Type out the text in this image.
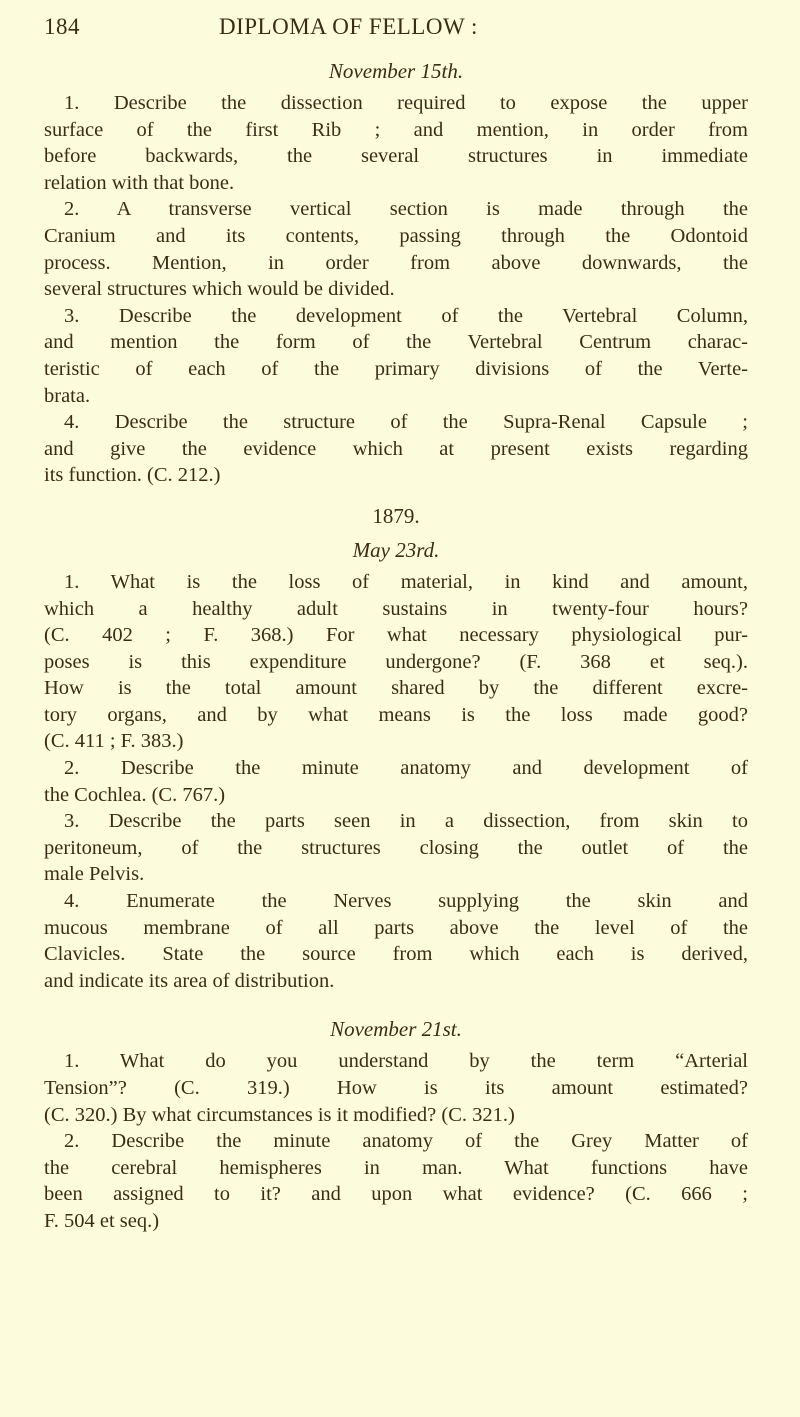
184	DIPLOMA OF FELLOW :
November 15th.
1. Describe the dissection required to expose the upper
surface of the first Rib ; and mention, in order from
before backwards, the several structures in immediate
relation with that bone.
2. A transverse vertical section is made through the
Cranium and its contents, passing through the Odontoid
process. Mention, in order from above downwards, the
several structures which would be divided.
3. Describe the development of the Vertebral Column,
and mention the form of the Vertebral Centrum charac-
teristic of each of the primary divisions of the Verte-
brata.
4. Describe the structure of the Supra-Renal Capsule ;
and give the evidence which at present exists regarding
its function. (C. 212.)
1879.
May 23rd.
1. What is the loss of material, in kind and amount,
which a healthy adult sustains in twenty-four hours?
(C. 402 ; F. 368.) For what necessary physiological pur-
poses is this expenditure undergone? (F. 368 et seq.).
How is the total amount shared by the different excre-
tory organs, and by what means is the loss made good?
(C. 411 ; F. 383.)
2. Describe the minute anatomy and development of
the Cochlea. (C. 767.)
3. Describe the parts seen in a dissection, from skin to
peritoneum, of the structures closing the outlet of the
male Pelvis.
4. Enumerate the Nerves supplying the skin and
mucous membrane of all parts above the level of the
Clavicles. State the source from which each is derived,
and indicate its area of distribution.
November 21st.
1. What do you understand by the term “Arterial
Tension”? (C. 319.) How is its amount estimated?
(C. 320.) By what circumstances is it modified? (C. 321.)
2. Describe the minute anatomy of the Grey Matter of
the cerebral hemispheres in man. What functions have
been assigned to it? and upon what evidence? (C. 666 ;
F. 504 et seq.)
